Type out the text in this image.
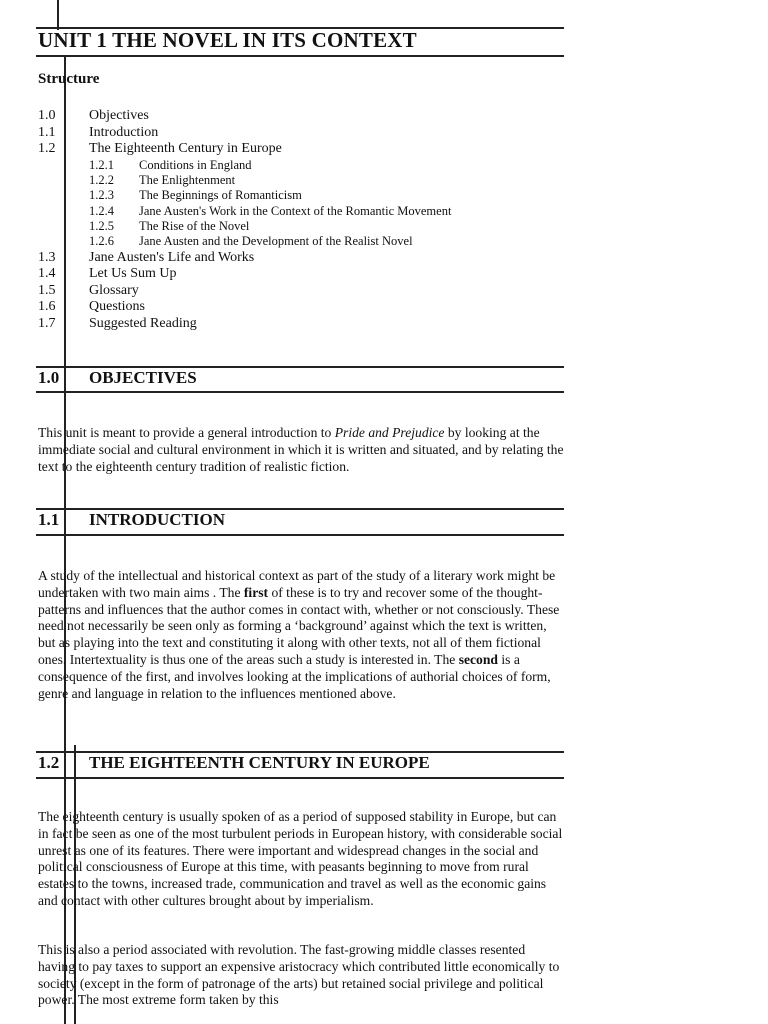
UNIT 1 THE NOVEL IN ITS CONTEXT
Structure
1.0 Objectives
1.1 Introduction
1.2 The Eighteenth Century in Europe
1.2.1 Conditions in England
1.2.2 The Enlightenment
1.2.3 The Beginnings of Romanticism
1.2.4 Jane Austen's Work in the Context of the Romantic Movement
1.2.5 The Rise of the Novel
1.2.6 Jane Austen and the Development of the Realist Novel
1.3 Jane Austen's Life and Works
1.4 Let Us Sum Up
1.5 Glossary
1.6 Questions
1.7 Suggested Reading
1.0 OBJECTIVES
This unit is meant to provide a general introduction to Pride and Prejudice by looking at the immediate social and cultural environment in which it is written and situated, and by relating the text to the eighteenth century tradition of realistic fiction.
1.1 INTRODUCTION
A study of the intellectual and historical context as part of the study of a literary work might be undertaken with two main aims . The first of these is to try and recover some of the thought-patterns and influences that the author comes in contact with, whether or not consciously. These need not necessarily be seen only as forming a ‘background’ against which the text is written, but as playing into the text and constituting it along with other texts, not all of them fictional ones. Intertextuality is thus one of the areas such a study is interested in. The second is a consequence of the first, and involves looking at the implications of authorial choices of form, genre and language in relation to the influences mentioned above.
1.2 THE EIGHTEENTH CENTURY IN EUROPE
The eighteenth century is usually spoken of as a period of supposed stability in Europe, but can in fact be seen as one of the most turbulent periods in European history, with considerable social unrest as one of its features. There were important and widespread changes in the social and political consciousness of Europe at this time, with peasants beginning to move from rural estates to the towns, increased trade, communication and travel as well as the economic gains and contact with other cultures brought about by imperialism.
This is also a period associated with revolution. The fast-growing middle classes resented having to pay taxes to support an expensive aristocracy which contributed little economically to society (except in the form of patronage of the arts) but retained social privilege and political power. The most extreme form taken by this
